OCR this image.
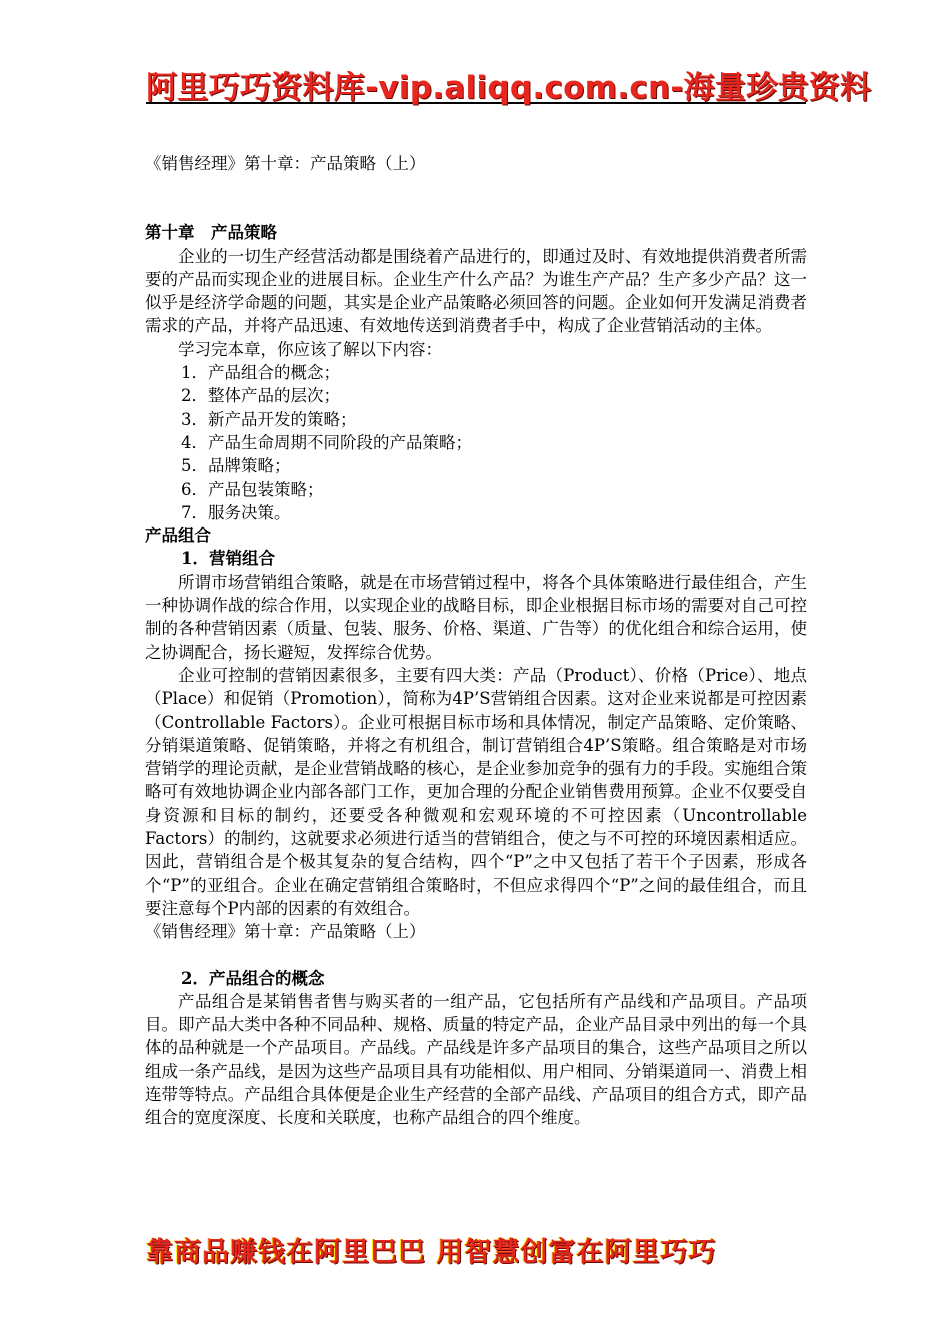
阿里巧巧资料库-vip.aliqq.com.cn-海量珍贵资料

《销售经理》第十章：产品策略（上）

第十章　产品策略

企业的一切生产经营活动都是围绕着产品进行的，即通过及时、有效地提供消费者所需要的产品而实现企业的进展目标。企业生产什么产品？为谁生产产品？生产多少产品？这一似乎是经济学命题的问题，其实是企业产品策略必须回答的问题。企业如何开发满足消费者需求的产品，并将产品迅速、有效地传送到消费者手中，构成了企业营销活动的主体。

学习完本章，你应该了解以下内容：

1．产品组合的概念；

2．整体产品的层次；

3．新产品开发的策略；

4．产品生命周期不同阶段的产品策略；

5．品牌策略；

6．产品包装策略；

7．服务决策。

产品组合

1．营销组合

所谓市场营销组合策略，就是在市场营销过程中，将各个具体策略进行最佳组合，产生一种协调作战的综合作用，以实现企业的战略目标，即企业根据目标市场的需要对自己可控制的各种营销因素（质量、包装、服务、价格、渠道、广告等）的优化组合和综合运用，使之协调配合，扬长避短，发挥综合优势。

企业可控制的营销因素很多，主要有四大类：产品（Product）、价格（Price）、地点（Place）和促销（Promotion），简称为4P’S营销组合因素。这对企业来说都是可控因素（Controllable Factors）。企业可根据目标市场和具体情况，制定产品策略、定价策略、分销渠道策略、促销策略，并将之有机组合，制订营销组合4P’S策略。组合策略是对市场营销学的理论贡献，是企业营销战略的核心，是企业参加竞争的强有力的手段。实施组合策略可有效地协调企业内部各部门工作，更加合理的分配企业销售费用预算。企业不仅要受自身资源和目标的制约，还要受各种微观和宏观环境的不可控因素（Uncontrollable Factors）的制约，这就要求必须进行适当的营销组合，使之与不可控的环境因素相适应。因此，营销组合是个极其复杂的复合结构，四个“P”之中又包括了若干个子因素，形成各个“P”的亚组合。企业在确定营销组合策略时，不但应求得四个“P”之间的最佳组合，而且要注意每个P内部的因素的有效组合。

《销售经理》第十章：产品策略（上）

2．产品组合的概念

产品组合是某销售者售与购买者的一组产品，它包括所有产品线和产品项目。产品项目。即产品大类中各种不同品种、规格、质量的特定产品，企业产品目录中列出的每一个具体的品种就是一个产品项目。产品线。产品线是许多产品项目的集合，这些产品项目之所以组成一条产品线，是因为这些产品项目具有功能相似、用户相同、分销渠道同一、消费上相连带等特点。产品组合具体便是企业生产经营的全部产品线、产品项目的组合方式，即产品组合的宽度深度、长度和关联度，也称产品组合的四个维度。

靠商品赚钱在阿里巴巴 用智慧创富在阿里巧巧
